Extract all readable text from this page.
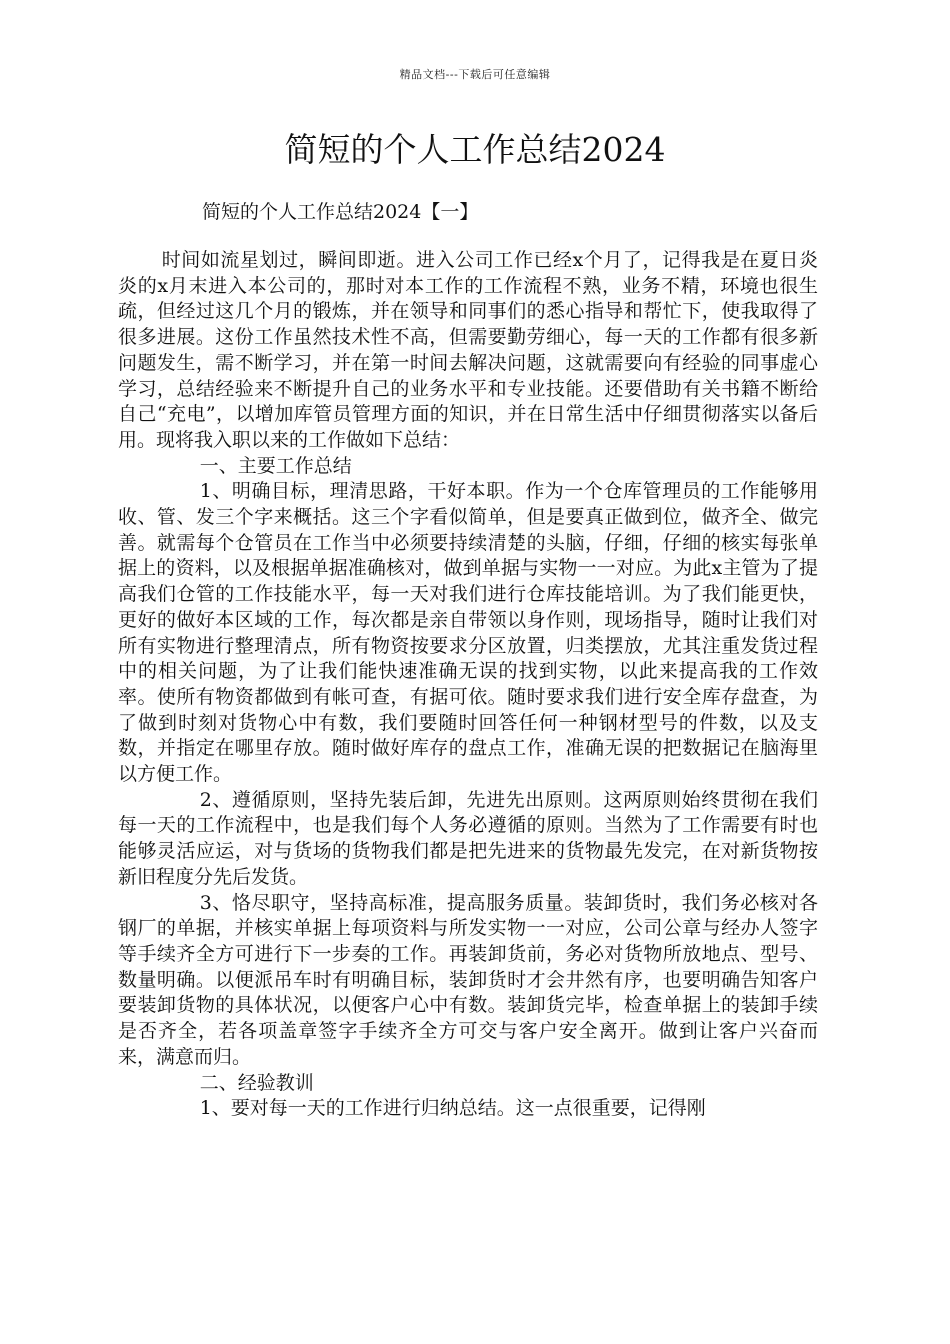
精品文档---下载后可任意编辑
简短的个人工作总结2024
简短的个人工作总结2024【一】

时间如流星划过，瞬间即逝。进入公司工作已经x个月了，记得我是在夏日炎炎的x月末进入本公司的，那时对本工作的工作流程不熟，业务不精，环境也很生疏，但经过这几个月的锻炼，并在领导和同事们的悉心指导和帮忙下，使我取得了很多进展。这份工作虽然技术性不高，但需要勤劳细心，每一天的工作都有很多新问题发生，需不断学习，并在第一时间去解决问题，这就需要向有经验的同事虚心学习，总结经验来不断提升自己的业务水平和专业技能。还要借助有关书籍不断给自己“充电”，以增加库管员管理方面的知识，并在日常生活中仔细贯彻落实以备后用。现将我入职以来的工作做如下总结：

一、主要工作总结

1、明确目标，理清思路，干好本职。作为一个仓库管理员的工作能够用收、管、发三个字来概括。这三个字看似简单，但是要真正做到位，做齐全、做完善。就需每个仓管员在工作当中必须要持续清楚的头脑，仔细，仔细的核实每张单据上的资料，以及根据单据准确核对，做到单据与实物一一对应。为此x主管为了提高我们仓管的工作技能水平，每一天对我们进行仓库技能培训。为了我们能更快，更好的做好本区域的工作，每次都是亲自带领以身作则，现场指导，随时让我们对所有实物进行整理清点，所有物资按要求分区放置，归类摆放，尤其注重发货过程中的相关问题，为了让我们能快速准确无误的找到实物，以此来提高我的工作效率。使所有物资都做到有帐可查，有据可依。随时要求我们进行安全库存盘查，为了做到时刻对货物心中有数，我们要随时回答任何一种钢材型号的件数，以及支数，并指定在哪里存放。随时做好库存的盘点工作，准确无误的把数据记在脑海里以方便工作。

2、遵循原则，坚持先装后卸，先进先出原则。这两原则始终贯彻在我们每一天的工作流程中，也是我们每个人务必遵循的原则。当然为了工作需要有时也能够灵活应运，对与货场的货物我们都是把先进来的货物最先发完，在对新货物按新旧程度分先后发货。

3、恪尽职守，坚持高标准，提高服务质量。装卸货时，我们务必核对各钢厂的单据，并核实单据上每项资料与所发实物一一对应，公司公章与经办人签字等手续齐全方可进行下一步奏的工作。再装卸货前，务必对货物所放地点、型号、数量明确。以便派吊车时有明确目标，装卸货时才会井然有序，也要明确告知客户要装卸货物的具体状况，以便客户心中有数。装卸货完毕，检查单据上的装卸手续是否齐全，若各项盖章签字手续齐全方可交与客户安全离开。做到让客户兴奋而来，满意而归。

二、经验教训

1、要对每一天的工作进行归纳总结。这一点很重要，记得刚
